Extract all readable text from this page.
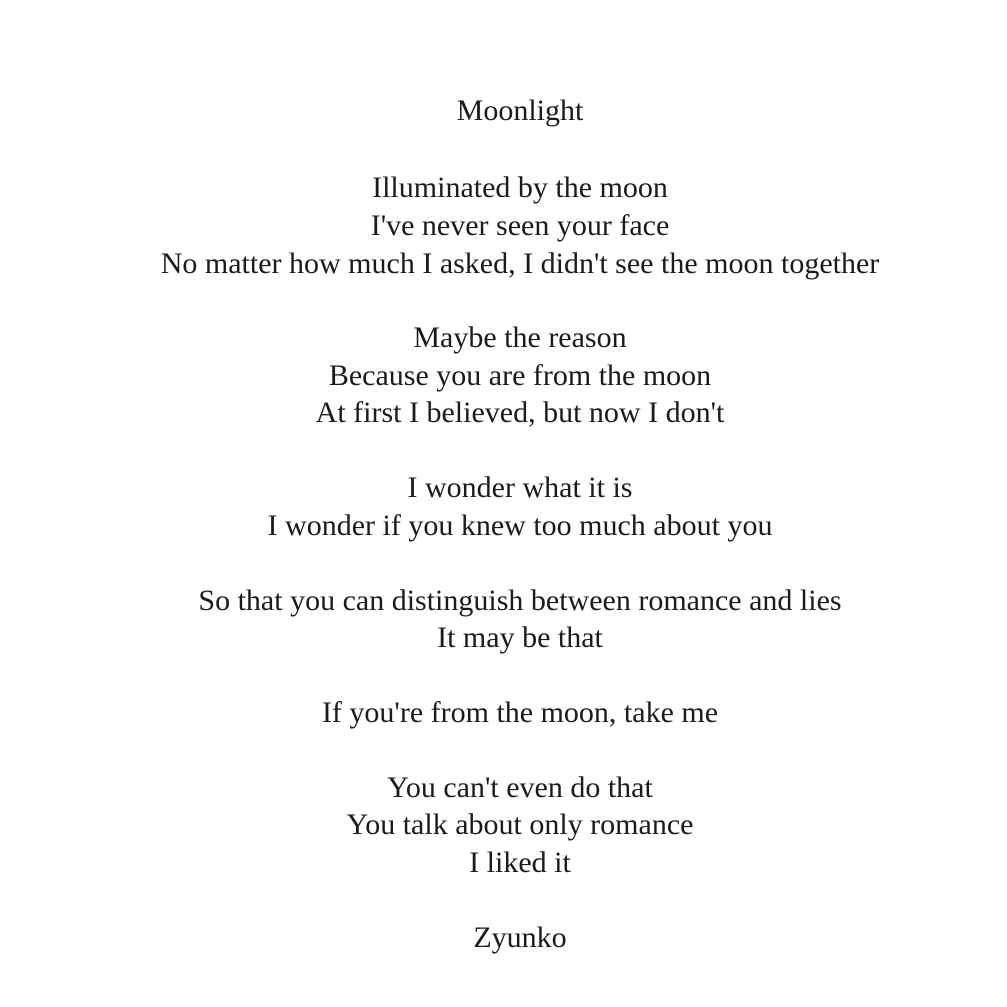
Moonlight
Illuminated by the moon
I've never seen your face
No matter how much I asked, I didn't see the moon together
Maybe the reason
Because you are from the moon
At first I believed, but now I don't
I wonder what it is
I wonder if you knew too much about you
So that you can distinguish between romance and lies
It may be that
If you're from the moon, take me
You can't even do that
You talk about only romance
I liked it
Zyunko
